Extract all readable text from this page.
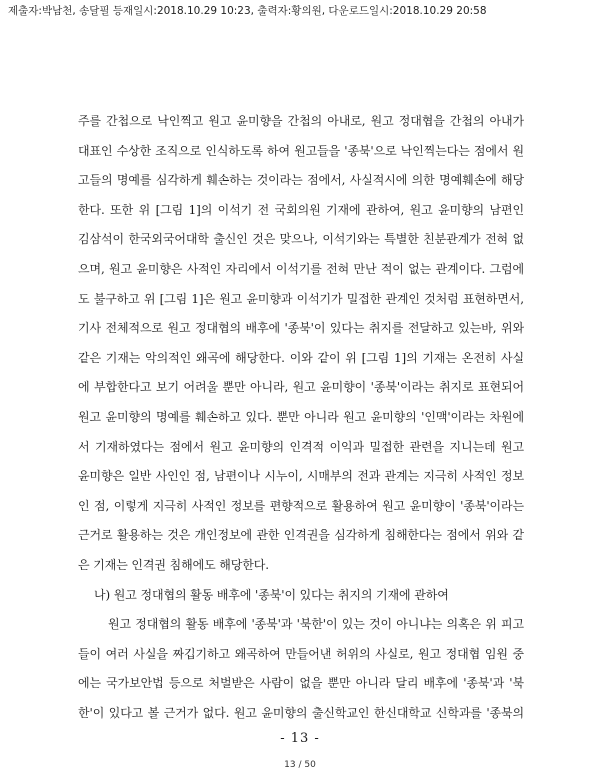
제출자:박남천, 송달필 등재일시:2018.10.29 10:23, 출력자:황의원, 다운로드일시:2018.10.29 20:58
주를 간첩으로 낙인찍고 원고 윤미향을 간첩의 아내로, 원고 정대협을 간첩의 아내가
대표인 수상한 조직으로 인식하도록 하여 원고들을 '종북'으로 낙인찍는다는 점에서 원
고들의 명예를 심각하게 훼손하는 것이라는 점에서, 사실적시에 의한 명예훼손에 해당
한다. 또한 위 [그림 1]의 이석기 전 국회의원 기재에 관하여, 원고 윤미향의 남편인
김삼석이 한국외국어대학 출신인 것은 맞으나, 이석기와는 특별한 친분관계가 전혀 없
으며, 원고 윤미향은 사적인 자리에서 이석기를 전혀 만난 적이 없는 관계이다. 그럼에
도 불구하고 위 [그림 1]은 원고 윤미향과 이석기가 밀접한 관계인 것처럼 표현하면서,
기사 전체적으로 원고 정대협의 배후에 '종북'이 있다는 취지를 전달하고 있는바, 위와
같은 기재는 악의적인 왜곡에 해당한다. 이와 같이 위 [그림 1]의 기재는 온전히 사실
에 부합한다고 보기 어려울 뿐만 아니라, 원고 윤미향이 '종북'이라는 취지로 표현되어
원고 윤미향의 명예를 훼손하고 있다. 뿐만 아니라 원고 윤미향의 '인맥'이라는 차원에
서 기재하였다는 점에서 원고 윤미향의 인격적 이익과 밀접한 관련을 지니는데 원고
윤미향은 일반 사인인 점, 남편이나 시누이, 시매부의 전과 관계는 지극히 사적인 정보
인 점, 이렇게 지극히 사적인 정보를 편향적으로 활용하여 원고 윤미향이 '종북'이라는
근거로 활용하는 것은 개인정보에 관한 인격권을 심각하게 침해한다는 점에서 위와 같
은 기재는 인격권 침해에도 해당한다.
나) 원고 정대협의 활동 배후에 '종북'이 있다는 취지의 기재에 관하여
원고 정대협의 활동 배후에 '종북'과 '북한'이 있는 것이 아니냐는 의혹은 위 피고
들이 여러 사실을 짜깁기하고 왜곡하여 만들어낸 허위의 사실로, 원고 정대협 임원 중
에는 국가보안법 등으로 처벌받은 사람이 없을 뿐만 아니라 달리 배후에 '종북'과 '북
한'이 있다고 볼 근거가 없다. 원고 윤미향의 출신학교인 한신대학교 신학과를 '종북의
- 13 -
13 / 50
